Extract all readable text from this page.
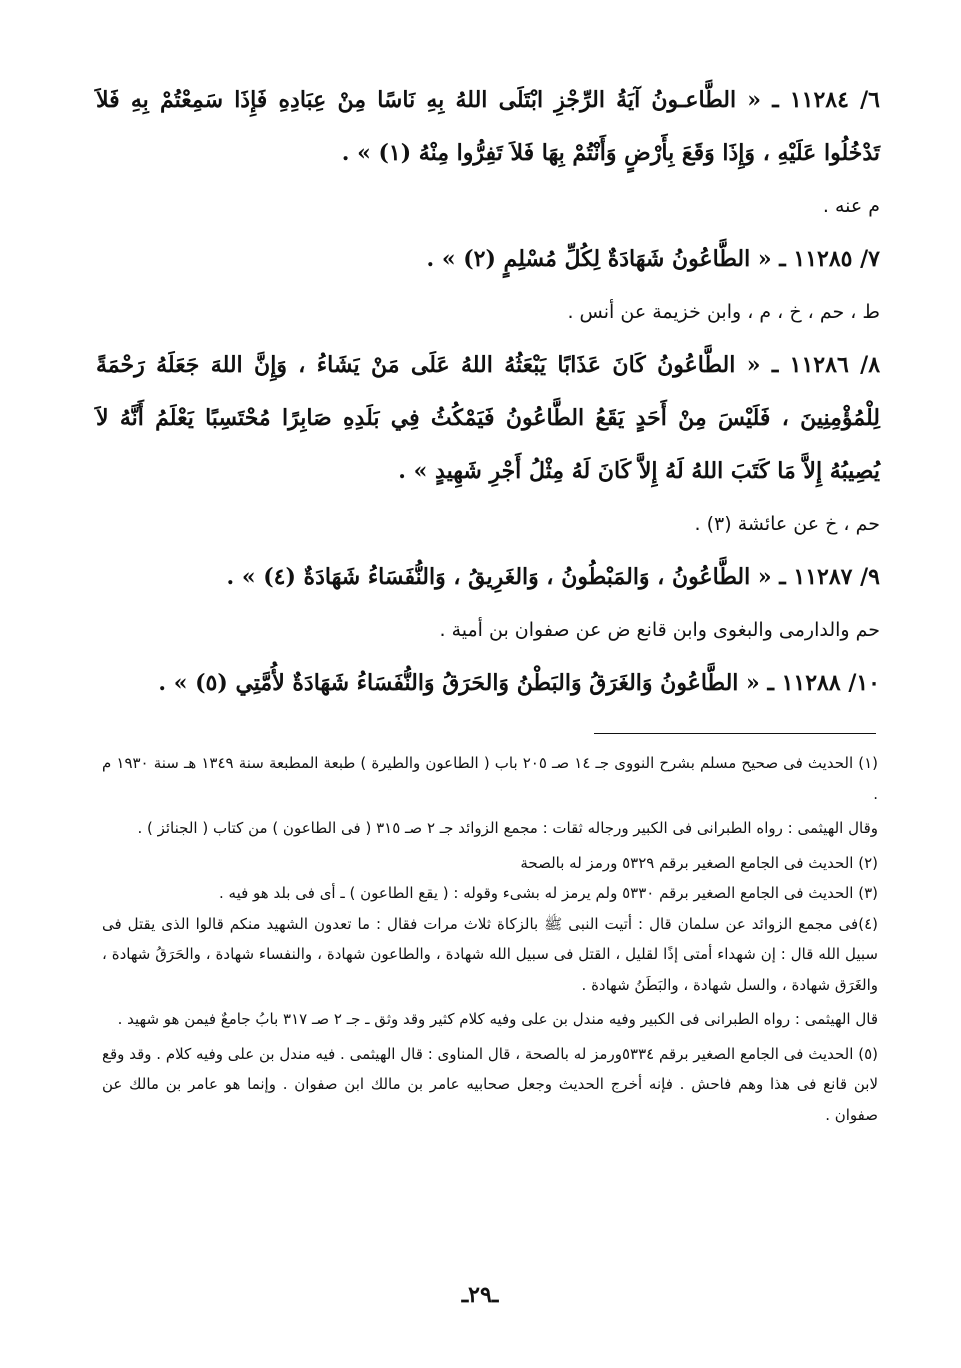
٦/ ١١٢٨٤ ـ « الطَّاعـونُ آيَةُ الرِّجْزِ ابْتَلَى اللهُ بِهِ نَاسًا مِنْ عِبَادِهِ فَإِذَا سَمِعْتُمْ بِهِ فَلاَ تَدْخُلُوا عَلَيْهِ ، وَإِذَا وَقَعَ بِأَرْضٍ وَأَنْتُمْ بِهَا فَلاَ تَفِرُّوا مِنْهُ (١) » .

م عنه .

٧/ ١١٢٨٥ ـ « الطَّاعُونُ شَهَادَةٌ لِكُلِّ مُسْلِمٍ (٢) » .

ط ، حم ، خ ، م ، وابن خزيمة عن أنس .

٨/ ١١٢٨٦ ـ « الطَّاعُونُ كَانَ عَذَابًا يَبْعَثُهُ اللهُ عَلَى مَنْ يَشَاءُ ، وَإِنَّ اللهَ جَعَلَهُ رَحْمَةً لِلْمُؤْمِنِينَ ، فَلَيْسَ مِنْ أَحَدٍ يَقَعُ الطَّاعُونُ فَيَمْكُثُ فِي بَلَدِهِ صَابِرًا مُحْتَسِبًا يَعْلَمُ أَنَّهُ لاَ يُصِيبُهُ إِلاَّ مَا كَتَبَ اللهُ لَهُ إِلاَّ كَانَ لَهُ مِثْلُ أَجْرِ شَهِيدٍ » .

حم ، خ عن عائشة (٣) .

٩/ ١١٢٨٧ ـ « الطَّاعُونُ ، وَالمَبْطُونُ ، وَالغَرِيقُ ، وَالنُّفَسَاءُ شَهَادَةٌ (٤) » .

حم والدارمى والبغوى وابن قانع ض عن صفوان بن أمية .

١٠/ ١١٢٨٨ ـ « الطَّاعُونُ وَالغَرَقُ وَالبَطْنُ وَالحَرَقُ وَالنُّفَسَاءُ شَهَادَةٌ لأُمَّتِي (٥) » .

(١) الحديث فى صحيح مسلم بشرح النووى جـ ١٤ صـ ٢٠٥ باب ( الطاعون والطيرة ) طبعة المطبعة سنة ١٣٤٩ هـ سنة ١٩٣٠ م .

وقال الهيثمى : رواه الطبرانى فى الكبير ورجاله ثقات : مجمع الزوائد جـ ٢ صـ ٣١٥ ( فى الطاعون ) من كتاب ( الجنائز ) .

(٢) الحديث فى الجامع الصغير برقم ٥٣٢٩ ورمز له بالصحة

(٣) الحديث فى الجامع الصغير برقم ٥٣٣٠ ولم يرمز له بشىء وقوله : ( يقع الطاعون ) ـ أى فى بلد هو فيه .

(٤)فى مجمع الزوائد عن سلمان قال : أتيت النبى ﷺ بالزكاة ثلاث مرات فقال : ما تعدون الشهيد منكم قالوا الذى يقتل فى سبيل الله قال : إن شهداء أمتى إذًا لقليل ، القتل فى سبيل الله شهادة ، والطاعون شهادة ، والنفساء شهادة ، والحَرَقُ شهادة ، والغَرَق شهادة ، والسل شهادة ، والبَطَنُ شهادة .

قال الهيثمى : رواه الطبرانى فى الكبير وفيه مندل بن على وفيه كلام كثير وقد وثق ـ جـ ٢ صـ ٣١٧ بابُ جامعٌ فيمن هو شهيد .

(٥) الحديث فى الجامع الصغير برقم ٥٣٣٤ورمز له بالصحة ، قال المناوى : قال الهيثمى . فيه مندل بن على وفيه كلام . وقد وقع لابن قانع فى هذا وهم فاحش . فإنه أخرج الحديث وجعل صحابيه عامر بن مالك ابن صفوان . وإنما هو عامر بن مالك عن صفوان .

ـ٢٩ـ
